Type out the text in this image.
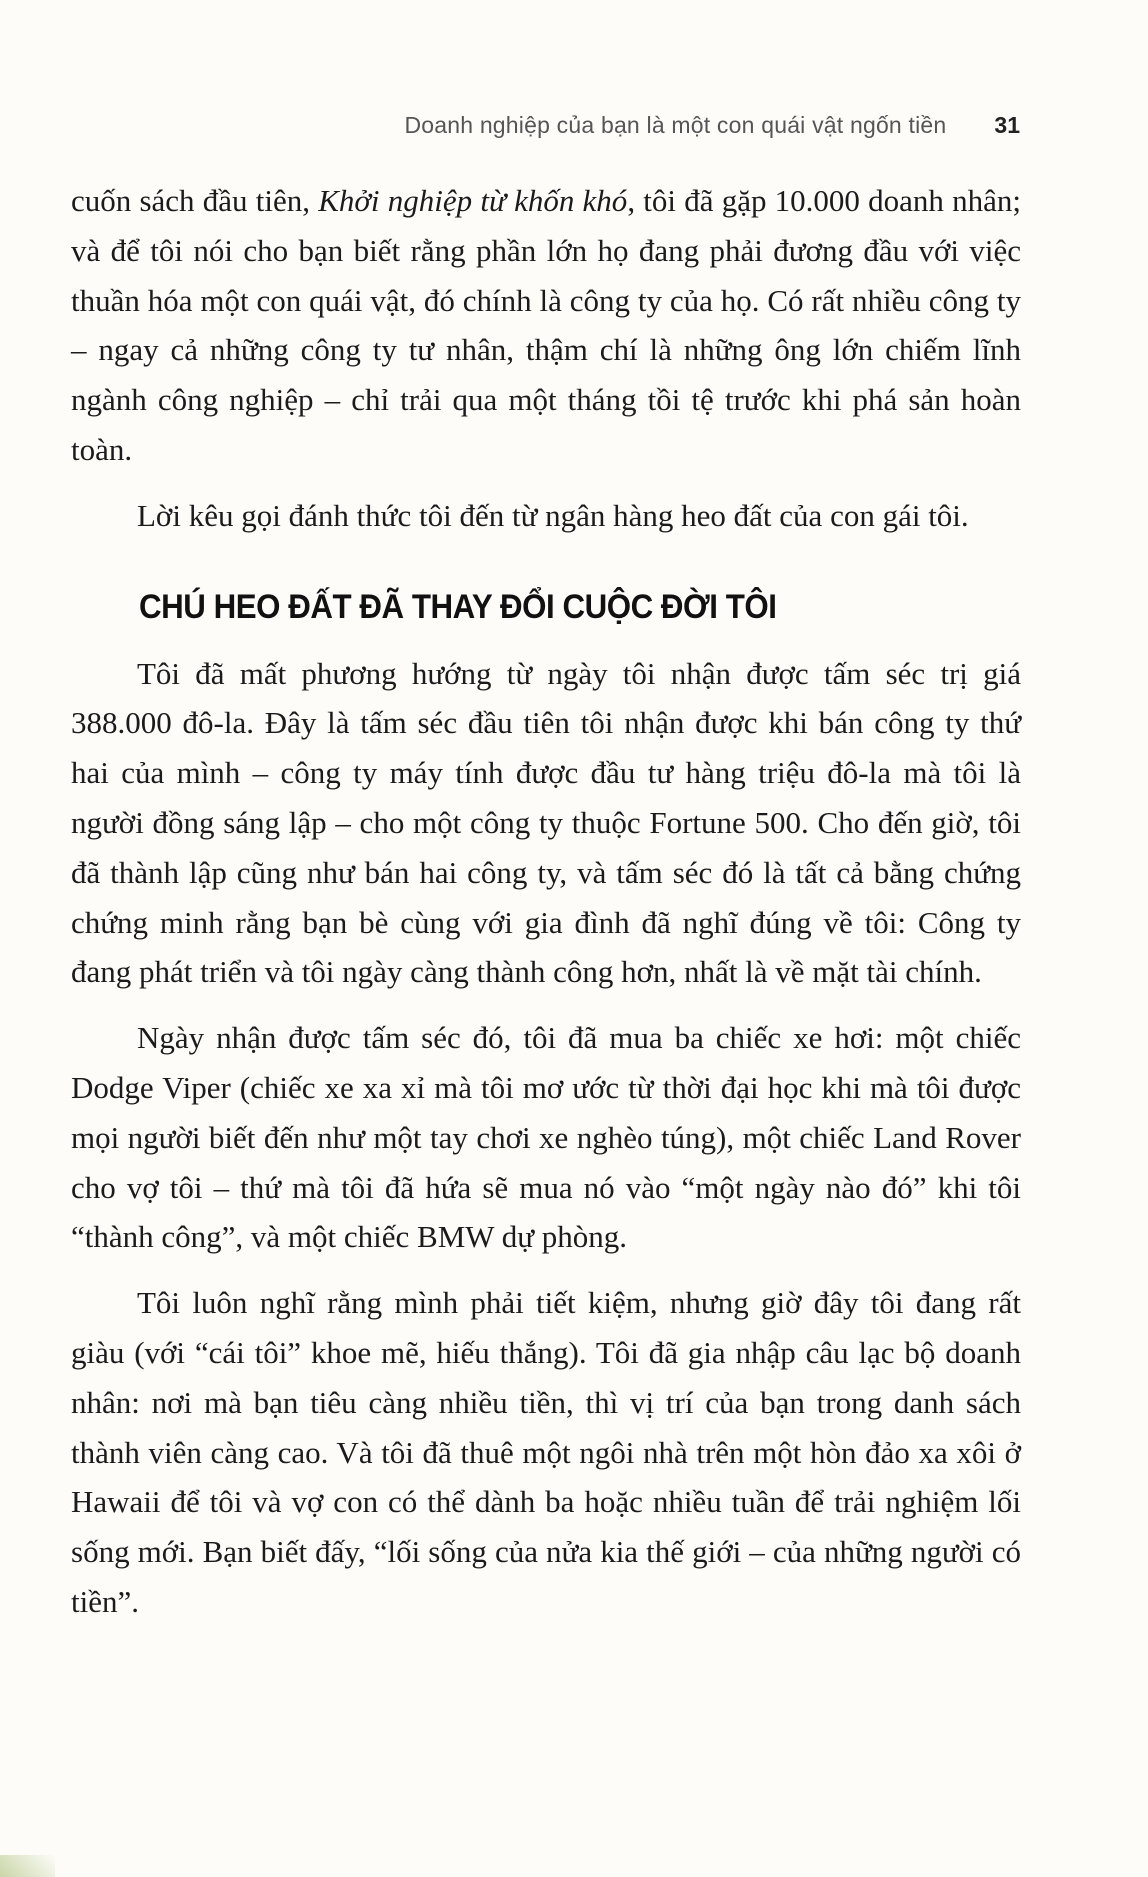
Doanh nghiệp của bạn là một con quái vật ngốn tiền 31

cuốn sách đầu tiên, Khởi nghiệp từ khốn khó, tôi đã gặp 10.000 doanh nhân; và để tôi nói cho bạn biết rằng phần lớn họ đang phải đương đầu với việc thuần hóa một con quái vật, đó chính là công ty của họ. Có rất nhiều công ty – ngay cả những công ty tư nhân, thậm chí là những ông lớn chiếm lĩnh ngành công nghiệp – chỉ trải qua một tháng tồi tệ trước khi phá sản hoàn toàn.

Lời kêu gọi đánh thức tôi đến từ ngân hàng heo đất của con gái tôi.

CHÚ HEO ĐẤT ĐÃ THAY ĐỔI CUỘC ĐỜI TÔI

Tôi đã mất phương hướng từ ngày tôi nhận được tấm séc trị giá 388.000 đô-la. Đây là tấm séc đầu tiên tôi nhận được khi bán công ty thứ hai của mình – công ty máy tính được đầu tư hàng triệu đô-la mà tôi là người đồng sáng lập – cho một công ty thuộc Fortune 500. Cho đến giờ, tôi đã thành lập cũng như bán hai công ty, và tấm séc đó là tất cả bằng chứng chứng minh rằng bạn bè cùng với gia đình đã nghĩ đúng về tôi: Công ty đang phát triển và tôi ngày càng thành công hơn, nhất là về mặt tài chính.

Ngày nhận được tấm séc đó, tôi đã mua ba chiếc xe hơi: một chiếc Dodge Viper (chiếc xe xa xỉ mà tôi mơ ước từ thời đại học khi mà tôi được mọi người biết đến như một tay chơi xe nghèo túng), một chiếc Land Rover cho vợ tôi – thứ mà tôi đã hứa sẽ mua nó vào “một ngày nào đó” khi tôi “thành công”, và một chiếc BMW dự phòng.

Tôi luôn nghĩ rằng mình phải tiết kiệm, nhưng giờ đây tôi đang rất giàu (với “cái tôi” khoe mẽ, hiếu thắng). Tôi đã gia nhập câu lạc bộ doanh nhân: nơi mà bạn tiêu càng nhiều tiền, thì vị trí của bạn trong danh sách thành viên càng cao. Và tôi đã thuê một ngôi nhà trên một hòn đảo xa xôi ở Hawaii để tôi và vợ con có thể dành ba hoặc nhiều tuần để trải nghiệm lối sống mới. Bạn biết đấy, “lối sống của nửa kia thế giới – của những người có tiền”.
